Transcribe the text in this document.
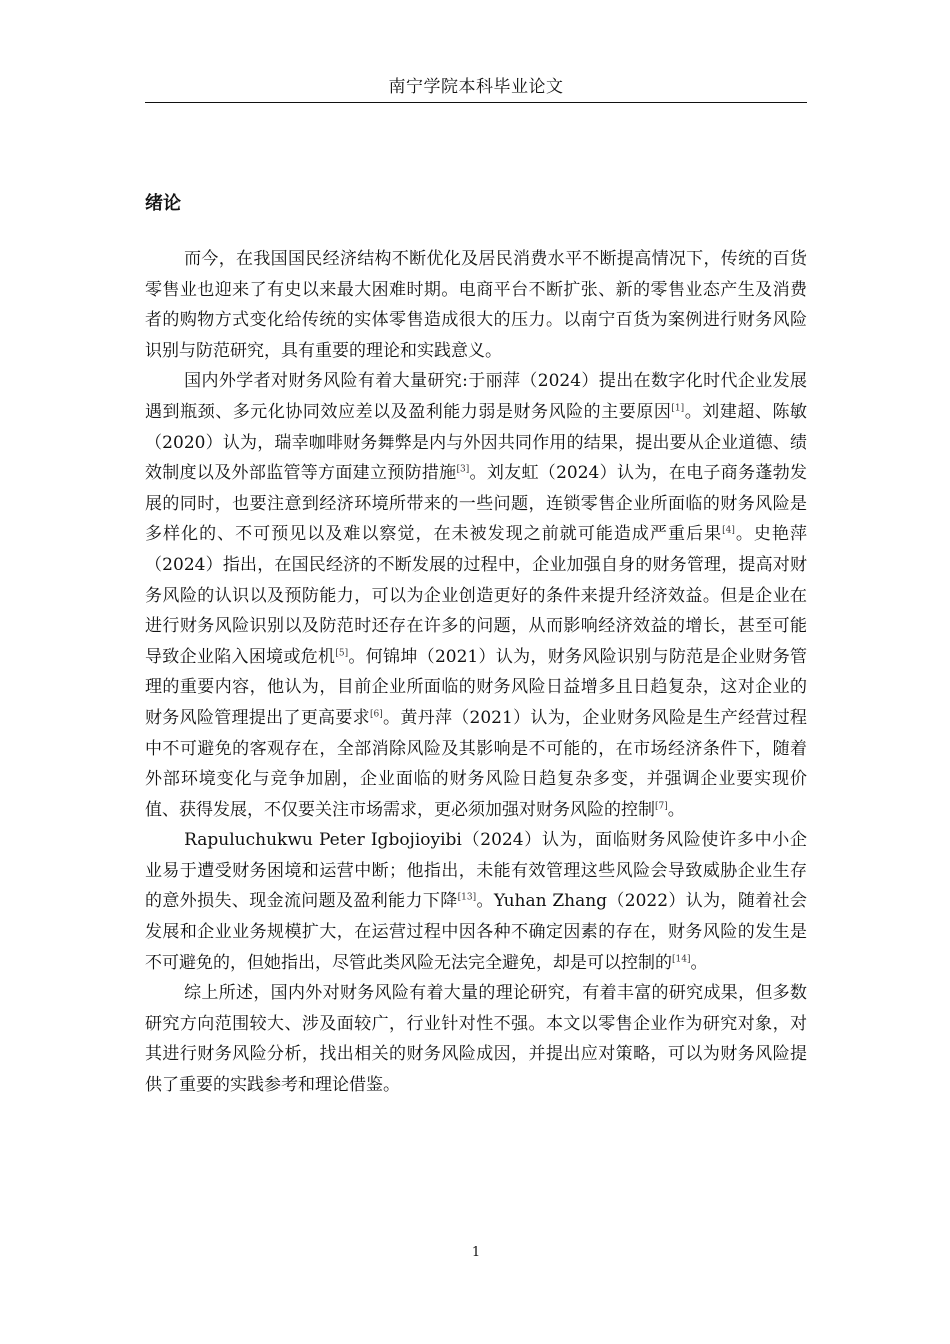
南宁学院本科毕业论文
绪论

而今，在我国国民经济结构不断优化及居民消费水平不断提高情况下，传统的百货零售业也迎来了有史以来最大困难时期。电商平台不断扩张、新的零售业态产生及消费者的购物方式变化给传统的实体零售造成很大的压力。以南宁百货为案例进行财务风险识别与防范研究，具有重要的理论和实践意义。

国内外学者对财务风险有着大量研究:于丽萍（2024）提出在数字化时代企业发展遇到瓶颈、多元化协同效应差以及盈利能力弱是财务风险的主要原因[1]。刘建超、陈敏（2020）认为，瑞幸咖啡财务舞弊是内与外因共同作用的结果，提出要从企业道德、绩效制度以及外部监管等方面建立预防措施[3]。刘友虹（2024）认为，在电子商务蓬勃发展的同时，也要注意到经济环境所带来的一些问题，连锁零售企业所面临的财务风险是多样化的、不可预见以及难以察觉，在未被发现之前就可能造成严重后果[4]。史艳萍（2024）指出，在国民经济的不断发展的过程中，企业加强自身的财务管理，提高对财务风险的认识以及预防能力，可以为企业创造更好的条件来提升经济效益。但是企业在进行财务风险识别以及防范时还存在许多的问题，从而影响经济效益的增长，甚至可能导致企业陷入困境或危机[5]。何锦坤（2021）认为，财务风险识别与防范是企业财务管理的重要内容，他认为，目前企业所面临的财务风险日益增多且日趋复杂，这对企业的财务风险管理提出了更高要求[6]。黄丹萍（2021）认为，企业财务风险是生产经营过程中不可避免的客观存在，全部消除风险及其影响是不可能的，在市场经济条件下，随着外部环境变化与竞争加剧，企业面临的财务风险日趋复杂多变，并强调企业要实现价值、获得发展，不仅要关注市场需求，更必须加强对财务风险的控制[7]。

Rapuluchukwu Peter Igbojioyibi（2024）认为，面临财务风险使许多中小企业易于遭受财务困境和运营中断；他指出，未能有效管理这些风险会导致威胁企业生存的意外损失、现金流问题及盈利能力下降[13]。Yuhan Zhang（2022）认为，随着社会发展和企业业务规模扩大，在运营过程中因各种不确定因素的存在，财务风险的发生是不可避免的，但她指出，尽管此类风险无法完全避免，却是可以控制的[14]。

综上所述，国内外对财务风险有着大量的理论研究，有着丰富的研究成果，但多数研究方向范围较大、涉及面较广，行业针对性不强。本文以零售企业作为研究对象，对其进行财务风险分析，找出相关的财务风险成因，并提出应对策略，可以为财务风险提供了重要的实践参考和理论借鉴。

1
